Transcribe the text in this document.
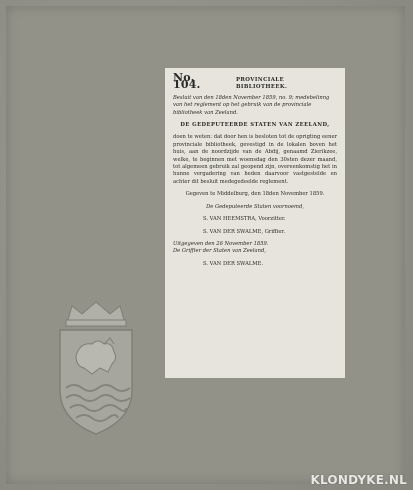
No. 104.	PROVINCIALE BIBLIOTHEEK.

Besluit van den 18den November 1859, no. 9; medebelinng van het reglement op het gebruik van de provinciale bibliotheek van Zeeland.

DE GEDEPUTEERDE STATEN VAN ZEELAND,

doen te weten: dat door hen is besloten tot de oprigting eener provinciale bibliotheek, gevestigd in de lokalen boven het huis, aan de noordzijde van de Abdij, genaamd Zierikzee, welke, te beginnen met woensdag den 30sten dezer maand, tot algemeen gebruik zal geopend zijn, overeenkomstig het in hunne vergadering van heden daarvoor vastgestelde en achter dit besluit medegedeelde reglement.

Gegeven te Middelburg, den 18den November 1859.

De Gedeputeerde Staten voornoemd,

S. VAN HEEMSTRA, Voorzitter.

S. VAN DER SWALME, Griffier.

Uitgegeven den 26 November 1859.

De Griffier der Staten van Zeeland,

S. VAN DER SWALME.

KLONDYKE.NL
